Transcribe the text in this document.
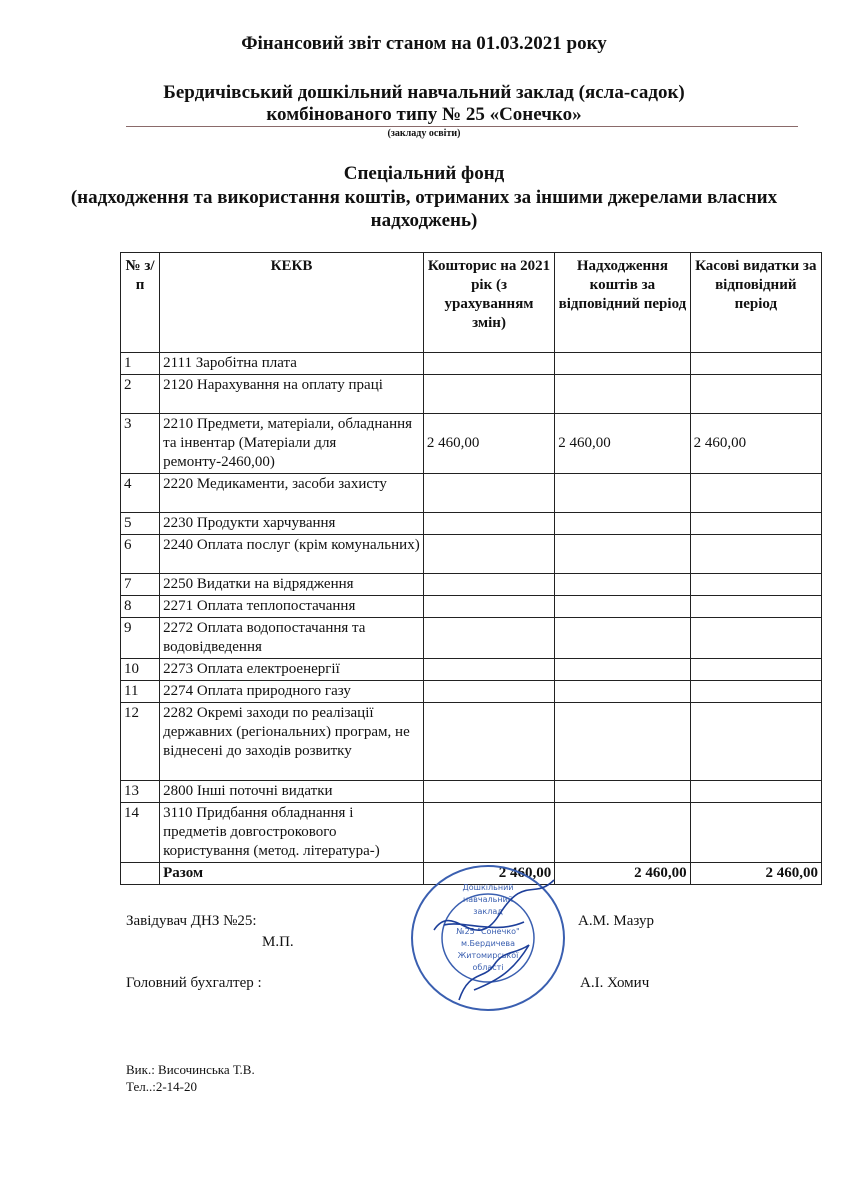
Фінансовий звіт станом на 01.03.2021 року
Бердичівський дошкільний навчальний заклад (ясла-садок)
комбінованого типу № 25 «Сонечко»
(закладу освіти)
Спеціальний фонд
(надходження та використання коштів, отриманих за іншими джерелами власних надходжень)
№ з/п	КЕКВ	Кошторис на 2021 рік (з урахуванням змін)	Надходження коштів за відповідний період	Касові видатки за відповідний період
1	2111 Заробітна плата			
2	2120 Нарахування на оплату праці			
3	2210 Предмети, матеріали, обладнання та інвентар (Матеріали для ремонту-2460,00)	2 460,00	2 460,00	2 460,00
4	2220 Медикаменти, засоби захисту			
5	2230 Продукти харчування			
6	2240 Оплата послуг (крім комунальних)			
7	2250 Видатки на відрядження			
8	2271 Оплата теплопостачання			
9	2272 Оплата водопостачання та водовідведення			
10	2273 Оплата електроенергії			
11	2274 Оплата природного газу			
12	2282 Окремі заходи по реалізації державних (регіональних) програм, не віднесені до заходів розвитку			
13	2800 Інші поточні видатки			
14	3110 Придбання обладнання і предметів довгострокового користування (метод. література-)			
	Разом	2 460,00	2 460,00	2 460,00
Завідувач ДНЗ №25:
М.П.
А.М. Мазур
Головний бухгалтер :	А.І. Хомич
Дошкільний
навчальний
заклад
№25 "Сонечко"
м.Бердичева
Житомирської
області
Вик.: Височинська Т.В.
Тел..:2-14-20
